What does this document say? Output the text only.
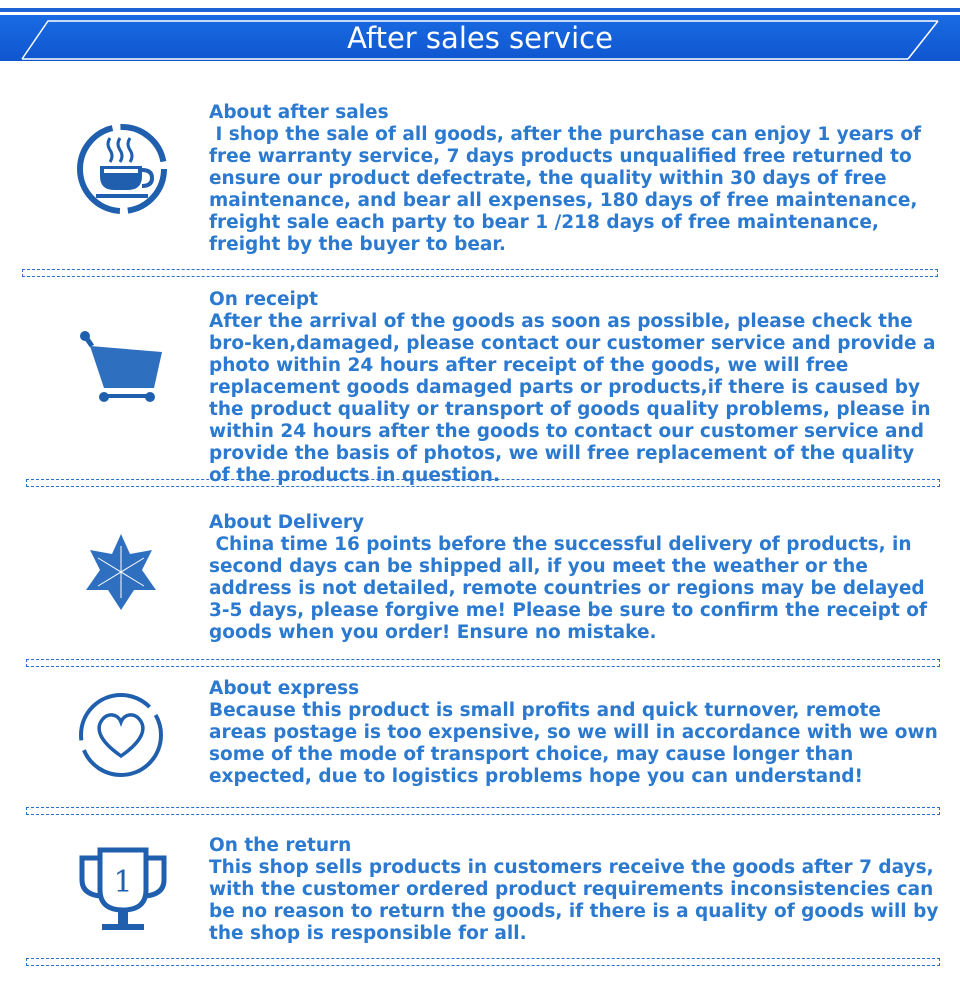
After sales service
About after sales
I shop the sale of all goods, after the purchase can enjoy 1 years of free warranty service, 7 days products unqualified free returned to ensure our product defectrate, the quality within 30 days of free maintenance, and bear all expenses, 180 days of free maintenance, freight sale each party to bear 1 /218 days of free maintenance, freight by the buyer to bear.
On receipt
After the arrival of the goods as soon as possible, please check the bro-ken,damaged, please contact our customer service and provide a photo within 24 hours after receipt of the goods, we will free replacement goods damaged parts or products,if there is caused by the product quality or transport of goods quality problems, please in within 24 hours after the goods to contact our customer service and provide the basis of photos, we will free replacement of the quality of the products in question.
About Delivery
China time 16 points before the successful delivery of products, in second days can be shipped all, if you meet the weather or the address is not detailed, remote countries or regions may be delayed 3-5 days, please forgive me! Please be sure to confirm the receipt of goods when you order! Ensure no mistake.
About express
Because this product is small profits and quick turnover, remote areas postage is too expensive, so we will in accordance with we own some of the mode of transport choice, may cause longer than expected, due to logistics problems hope you can understand!
1
On the return
This shop sells products in customers receive the goods after 7 days, with the customer ordered product requirements inconsistencies can be no reason to return the goods, if there is a quality of goods will by the shop is responsible for all.
